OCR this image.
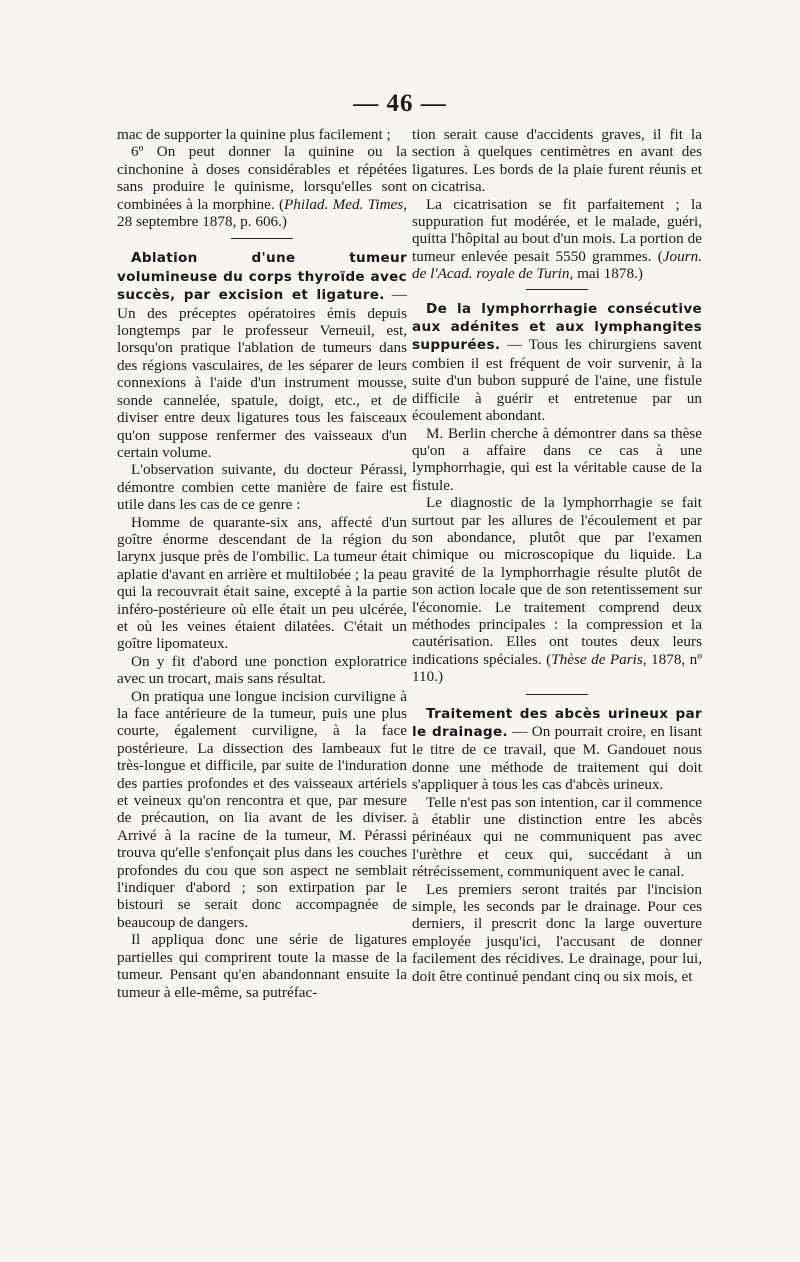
— 46 —

mac de supporter la quinine plus facilement ;

6º On peut donner la quinine ou la cinchonine à doses considérables et répétées sans produire le quinisme, lorsqu'elles sont combinées à la morphine. (Philad. Med. Times, 28 septembre 1878, p. 606.)

Ablation d'une tumeur volumineuse du corps thyroïde avec succès, par excision et ligature. — Un des préceptes opératoires émis depuis longtemps par le professeur Verneuil, est, lorsqu'on pratique l'ablation de tumeurs dans des régions vasculaires, de les séparer de leurs connexions à l'aide d'un instrument mousse, sonde cannelée, spatule, doigt, etc., et de diviser entre deux ligatures tous les faisceaux qu'on suppose renfermer des vaisseaux d'un certain volume.

L'observation suivante, du docteur Pérassi, démontre combien cette manière de faire est utile dans les cas de ce genre :

Homme de quarante-six ans, affecté d'un goître énorme descendant de la région du larynx jusque près de l'ombilic. La tumeur était aplatie d'avant en arrière et multilobée ; la peau qui la recouvrait était saine, excepté à la partie inféro-postérieure où elle était un peu ulcérée, et où les veines étaient dilatées. C'était un goître lipomateux.

On y fit d'abord une ponction exploratrice avec un trocart, mais sans résultat.

On pratiqua une longue incision curviligne à la face antérieure de la tumeur, puis une plus courte, également curviligne, à la face postérieure. La dissection des lambeaux fut très-longue et difficile, par suite de l'induration des parties profondes et des vaisseaux artériels et veineux qu'on rencontra et que, par mesure de précaution, on lia avant de les diviser. Arrivé à la racine de la tumeur, M. Pérassi trouva qu'elle s'enfonçait plus dans les couches profondes du cou que son aspect ne semblait l'indiquer d'abord ; son extirpation par le bistouri se serait donc accompagnée de beaucoup de dangers.

Il appliqua donc une série de ligatures partielles qui comprirent toute la masse de la tumeur. Pensant qu'en abandonnant ensuite la tumeur à elle-même, sa putréfac-

tion serait cause d'accidents graves, il fit la section à quelques centimètres en avant des ligatures. Les bords de la plaie furent réunis et on cicatrisa.

La cicatrisation se fit parfaitement ; la suppuration fut modérée, et le malade, guéri, quitta l'hôpital au bout d'un mois. La portion de tumeur enlevée pesait 5550 grammes. (Journ. de l'Acad. royale de Turin, mai 1878.)

De la lymphorrhagie consécutive aux adénites et aux lymphangites suppurées. — Tous les chirurgiens savent combien il est fréquent de voir survenir, à la suite d'un bubon suppuré de l'aine, une fistule difficile à guérir et entretenue par un écoulement abondant.

M. Berlin cherche à démontrer dans sa thèse qu'on a affaire dans ce cas à une lymphorrhagie, qui est la véritable cause de la fistule.

Le diagnostic de la lymphorrhagie se fait surtout par les allures de l'écoulement et par son abondance, plutôt que par l'examen chimique ou microscopique du liquide. La gravité de la lymphorrhagie résulte plutôt de son action locale que de son retentissement sur l'économie. Le traitement comprend deux méthodes principales : la compression et la cautérisation. Elles ont toutes deux leurs indications spéciales. (Thèse de Paris, 1878, nº 110.)

Traitement des abcès urineux par le drainage. — On pourrait croire, en lisant le titre de ce travail, que M. Gandouet nous donne une méthode de traitement qui doit s'appliquer à tous les cas d'abcès urineux.

Telle n'est pas son intention, car il commence à établir une distinction entre les abcès périnéaux qui ne communiquent pas avec l'urèthre et ceux qui, succédant à un rétrécissement, communiquent avec le canal.

Les premiers seront traités par l'incision simple, les seconds par le drainage. Pour ces derniers, il prescrit donc la large ouverture employée jusqu'ici, l'accusant de donner facilement des récidives. Le drainage, pour lui, doit être continué pendant cinq ou six mois, et
